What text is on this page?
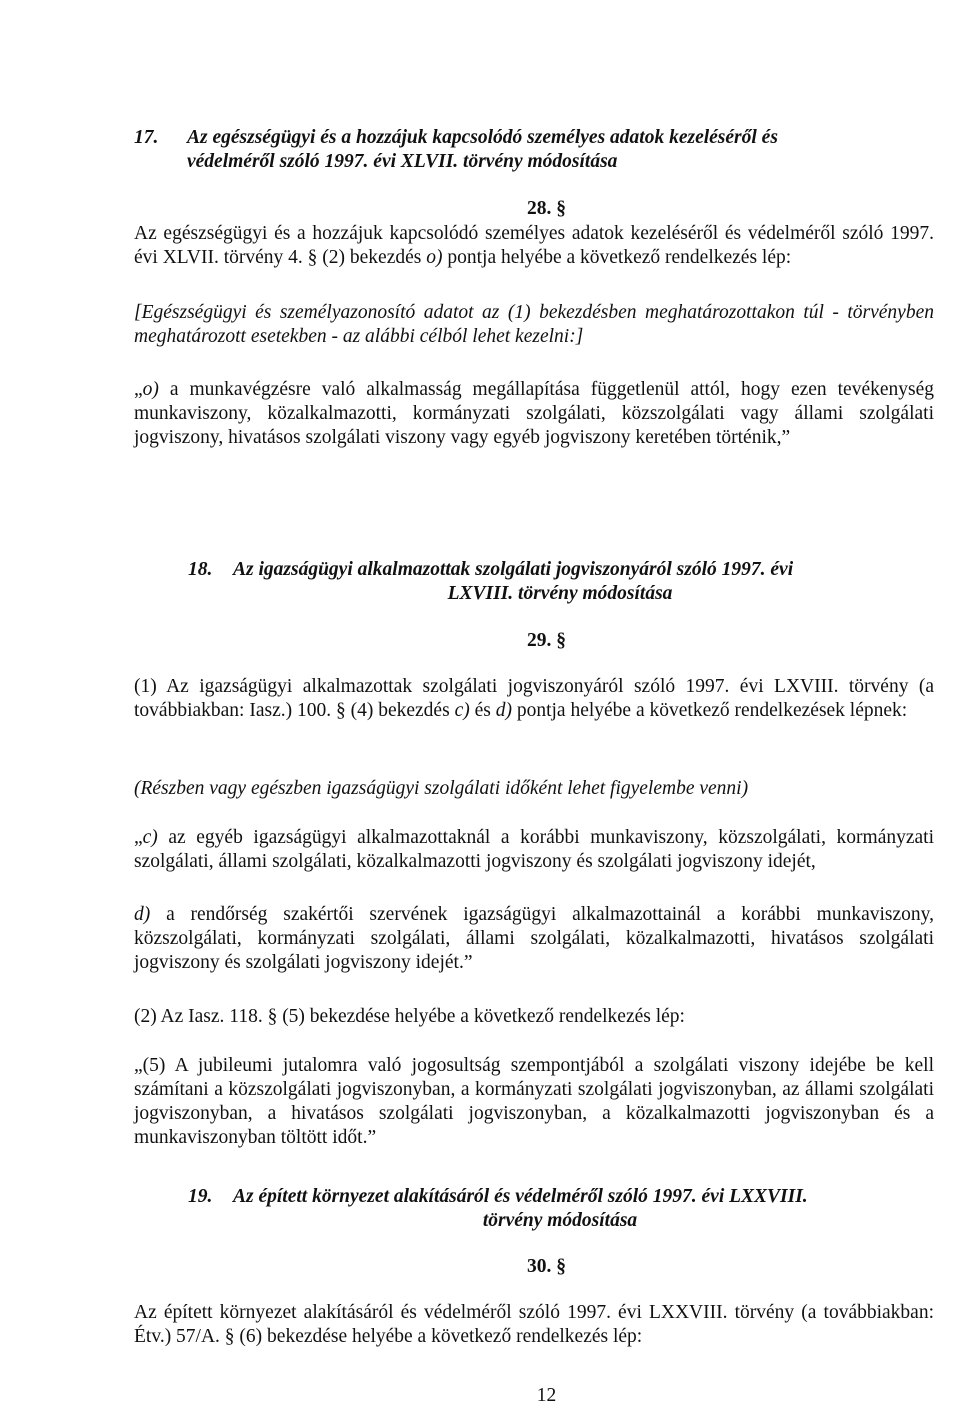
17. Az egészségügyi és a hozzájuk kapcsolódó személyes adatok kezeléséről és
védelméről szóló 1997. évi XLVII. törvény módosítása
28. §
Az egészségügyi és a hozzájuk kapcsolódó személyes adatok kezeléséről és védelméről szóló 1997. évi XLVII. törvény 4. § (2) bekezdés o) pontja helyébe a következő rendelkezés lép:
[Egészségügyi és személyazonosító adatot az (1) bekezdésben meghatározottakon túl - törvényben meghatározott esetekben - az alábbi célból lehet kezelni:]
„o) a munkavégzésre való alkalmasság megállapítása függetlenül attól, hogy ezen tevékenység munkaviszony, közalkalmazotti, kormányzati szolgálati, közszolgálati vagy állami szolgálati jogviszony, hivatásos szolgálati viszony vagy egyéb jogviszony keretében történik,”
18. Az igazságügyi alkalmazottak szolgálati jogviszonyáról szóló 1997. évi
LXVIII. törvény módosítása
29. §
(1) Az igazságügyi alkalmazottak szolgálati jogviszonyáról szóló 1997. évi LXVIII. törvény (a továbbiakban: Iasz.) 100. § (4) bekezdés c) és d) pontja helyébe a következő rendelkezések lépnek:
(Részben vagy egészben igazságügyi szolgálati időként lehet figyelembe venni)
„c) az egyéb igazságügyi alkalmazottaknál a korábbi munkaviszony, közszolgálati, kormányzati szolgálati, állami szolgálati, közalkalmazotti jogviszony és szolgálati jogviszony idejét,
d) a rendőrség szakértői szervének igazságügyi alkalmazottainál a korábbi munkaviszony, közszolgálati, kormányzati szolgálati, állami szolgálati, közalkalmazotti, hivatásos szolgálati jogviszony és szolgálati jogviszony idejét.”
(2) Az Iasz. 118. § (5) bekezdése helyébe a következő rendelkezés lép:
„(5) A jubileumi jutalomra való jogosultság szempontjából a szolgálati viszony idejébe be kell számítani a közszolgálati jogviszonyban, a kormányzati szolgálati jogviszonyban, az állami szolgálati jogviszonyban, a hivatásos szolgálati jogviszonyban, a közalkalmazotti jogviszonyban és a munkaviszonyban töltött időt.”
19. Az épített környezet alakításáról és védelméről szóló 1997. évi LXXVIII.
törvény módosítása
30. §
Az épített környezet alakításáról és védelméről szóló 1997. évi LXXVIII. törvény (a továbbiakban: Étv.) 57/A. § (6) bekezdése helyébe a következő rendelkezés lép:
12
